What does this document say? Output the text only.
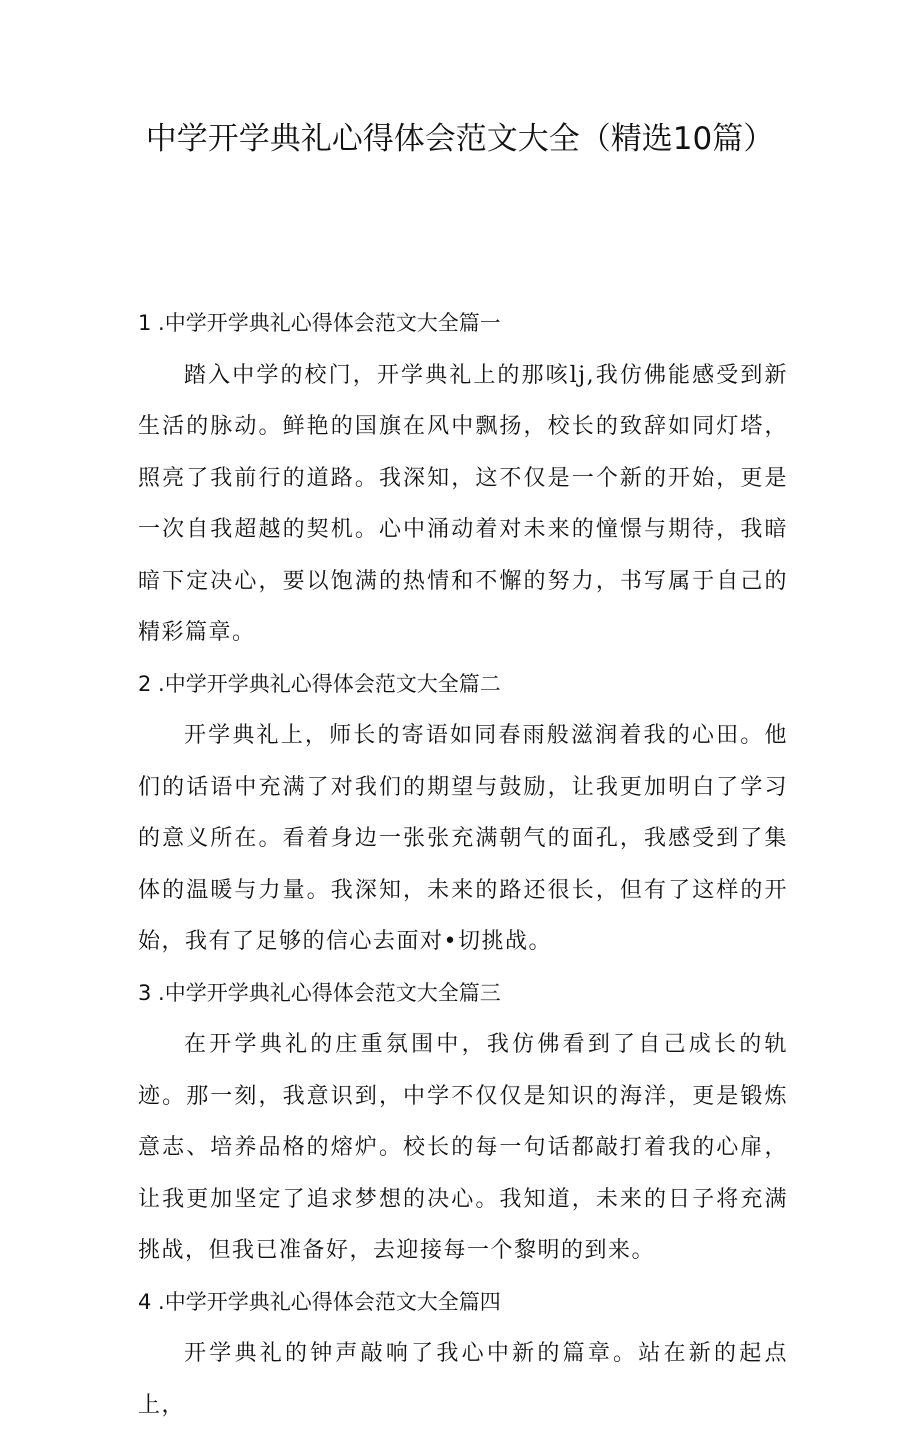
中学开学典礼心得体会范文大全（精选10篇）

1 .中学开学典礼心得体会范文大全篇一

踏入中学的校门，开学典礼上的那咳lj,我仿佛能感受到新生活的脉动。鲜艳的国旗在风中飘扬，校长的致辞如同灯塔，照亮了我前行的道路。我深知，这不仅是一个新的开始，更是一次自我超越的契机。心中涌动着对未来的憧憬与期待，我暗暗下定决心，要以饱满的热情和不懈的努力，书写属于自己的精彩篇章。

2 .中学开学典礼心得体会范文大全篇二

开学典礼上，师长的寄语如同春雨般滋润着我的心田。他们的话语中充满了对我们的期望与鼓励，让我更加明白了学习的意义所在。看着身边一张张充满朝气的面孔，我感受到了集体的温暖与力量。我深知，未来的路还很长，但有了这样的开始，我有了足够的信心去面对•切挑战。

3 .中学开学典礼心得体会范文大全篇三

在开学典礼的庄重氛围中，我仿佛看到了自己成长的轨迹。那一刻，我意识到，中学不仅仅是知识的海洋，更是锻炼意志、培养品格的熔炉。校长的每一句话都敲打着我的心扉，让我更加坚定了追求梦想的决心。我知道，未来的日子将充满挑战，但我已准备好，去迎接每一个黎明的到来。

4 .中学开学典礼心得体会范文大全篇四

开学典礼的钟声敲响了我心中新的篇章。站在新的起点上，
